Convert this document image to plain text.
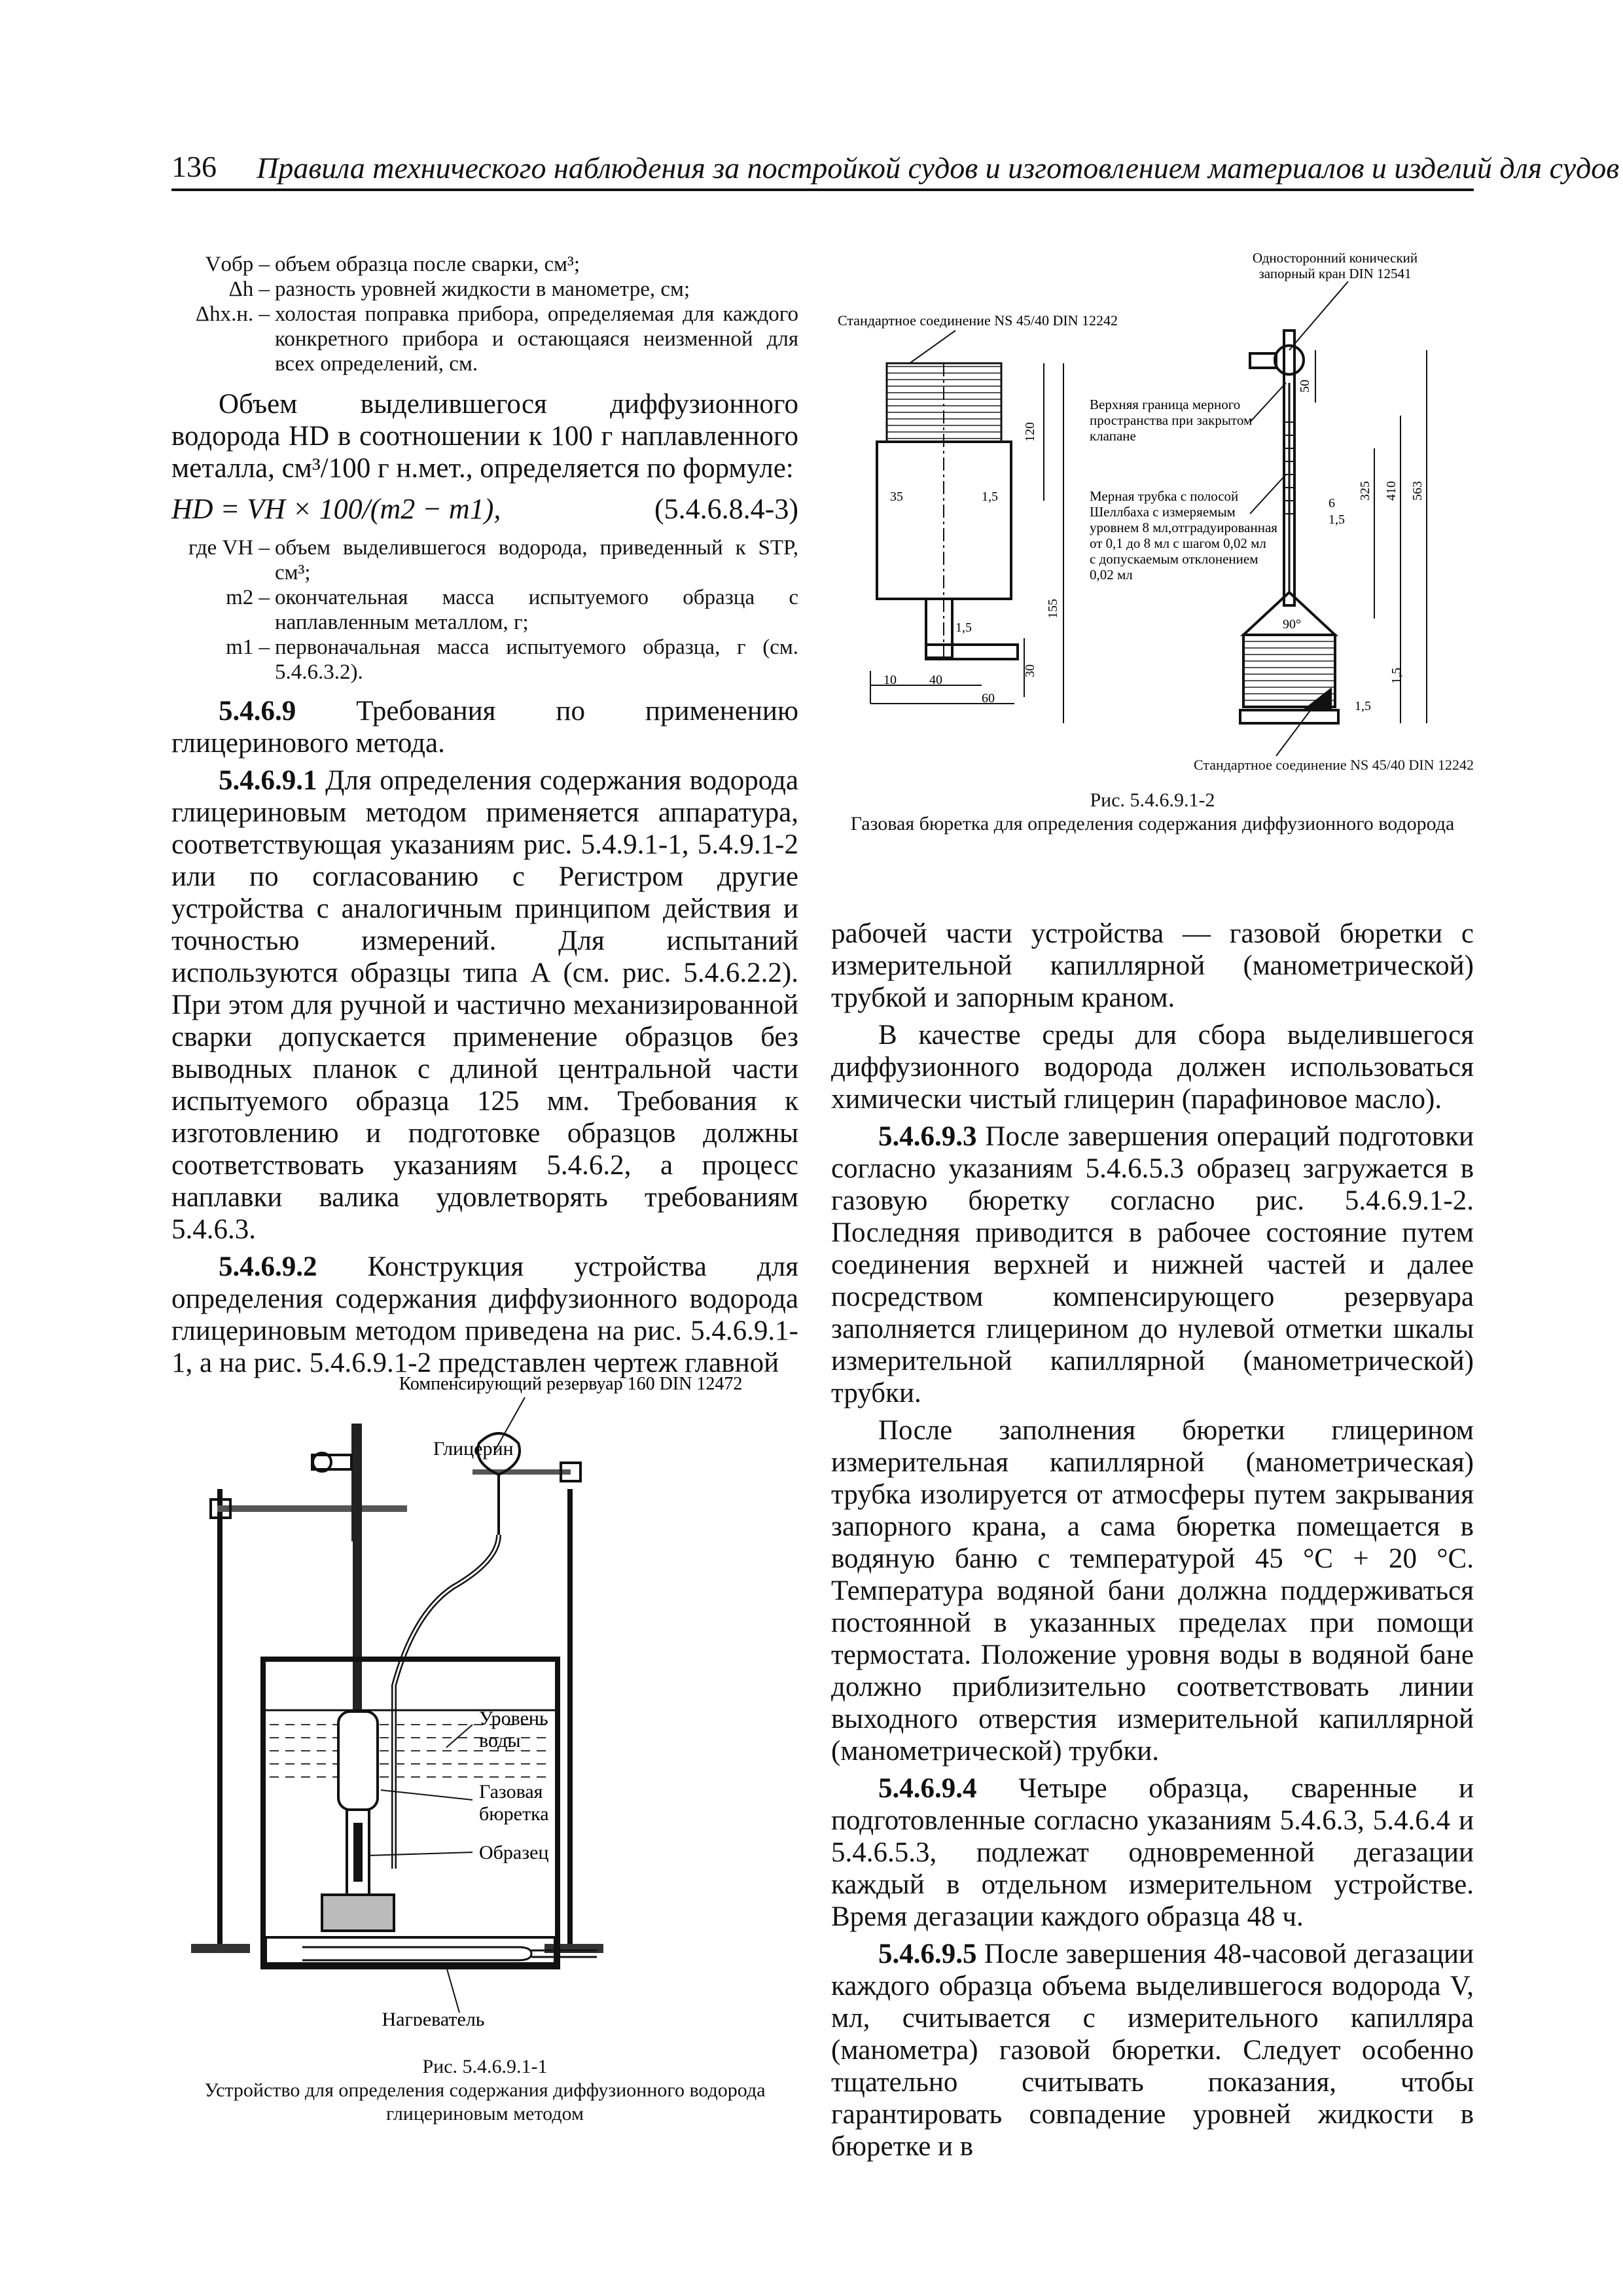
136 Правила технического наблюдения за постройкой судов и изготовлением материалов и изделий для судов
Vобр – объем образца после сварки, см³;
Δh – разность уровней жидкости в манометре, см;
Δhх.н. – холостая поправка прибора, определяемая для каждого конкретного прибора и остающаяся неизменной для всех определений, см.

Объем выделившегося диффузионного водорода HD в соотношении к 100 г наплавленного металла, см³/100 г н.мет., определяется по формуле:

HD = VH × 100/(m2 − m1),	(5.4.6.8.4-3)
где VH – объем выделившегося водорода, приведенный к STP, см³;
m2 – окончательная масса испытуемого образца с наплавленным металлом, г;
m1 – первоначальная масса испытуемого образца, г (см. 5.4.6.3.2).

5.4.6.9 Требования по применению глицеринового метода.

5.4.6.9.1 Для определения содержания водорода глицериновым методом применяется аппаратура, соответствующая указаниям рис. 5.4.9.1-1, 5.4.9.1-2 или по согласованию с Регистром другие устройства с аналогичным принципом действия и точностью измерений. Для испытаний используются образцы типа А (см. рис. 5.4.6.2.2). При этом для ручной и частично механизированной сварки допускается применение образцов без выводных планок с длиной центральной части испытуемого образца 125 мм. Требования к изготовлению и подготовке образцов должны соответствовать указаниям 5.4.6.2, а процесс наплавки валика удовлетворять требованиям 5.4.6.3.

5.4.6.9.2 Конструкция устройства для определения содержания диффузионного водорода глицериновым методом приведена на рис. 5.4.6.9.1-1, а на рис. 5.4.6.9.1-2 представлен чертеж главной

Компенсирующий резервуар 160 DIN 12472
Глицерин
Уровень воды
Газовая бюретка
Образец
Нагреватель
Рис. 5.4.6.9.1-1
Устройство для определения содержания диффузионного водорода глицериновым методом
Односторонний конический
запорный кран DIN 12541
Стандартное соединение NS 45/40 DIN 12242
120
155
35	1,5
1,5
30
10	40
60
50
325 410 563
6
1,5
90°
1,5
1,5
Верхняя граница мерного пространства при закрытом клапане
Мерная трубка с полосой Шеллбаха с измеряемым уровнем 8 мл,отградуированная от 0,1 до 8 мл с шагом 0,02 мл с допускаемым отклонением 0,02 мл
Стандартное соединение NS 45/40 DIN 12242
Рис. 5.4.6.9.1-2
Газовая бюретка для определения содержания диффузионного водорода

рабочей части устройства — газовой бюретки с измерительной капиллярной (манометрической) трубкой и запорным краном.

В качестве среды для сбора выделившегося диффузионного водорода должен использоваться химически чистый глицерин (парафиновое масло).

5.4.6.9.3 После завершения операций подготовки согласно указаниям 5.4.6.5.3 образец загружается в газовую бюретку согласно рис. 5.4.6.9.1-2. Последняя приводится в рабочее состояние путем соединения верхней и нижней частей и далее посредством компенсирующего резервуара заполняется глицерином до нулевой отметки шкалы измерительной капиллярной (манометрической) трубки.

После заполнения бюретки глицерином измерительная капиллярной (манометрическая) трубка изолируется от атмосферы путем закрывания запорного крана, а сама бюретка помещается в водяную баню с температурой 45 °С + 20 °С. Температура водяной бани должна поддерживаться постоянной в указанных пределах при помощи термостата. Положение уровня воды в водяной бане должно приблизительно соответствовать линии выходного отверстия измерительной капиллярной (манометрической) трубки.

5.4.6.9.4 Четыре образца, сваренные и подготовленные согласно указаниям 5.4.6.3, 5.4.6.4 и 5.4.6.5.3, подлежат одновременной дегазации каждый в отдельном измерительном устройстве. Время дегазации каждого образца 48 ч.

5.4.6.9.5 После завершения 48-часовой дегазации каждого образца объема выделившегося водорода V, мл, считывается с измерительного капилляра (манометра) газовой бюретки. Следует особенно тщательно считывать показания, чтобы гарантировать совпадение уровней жидкости в бюретке и в
